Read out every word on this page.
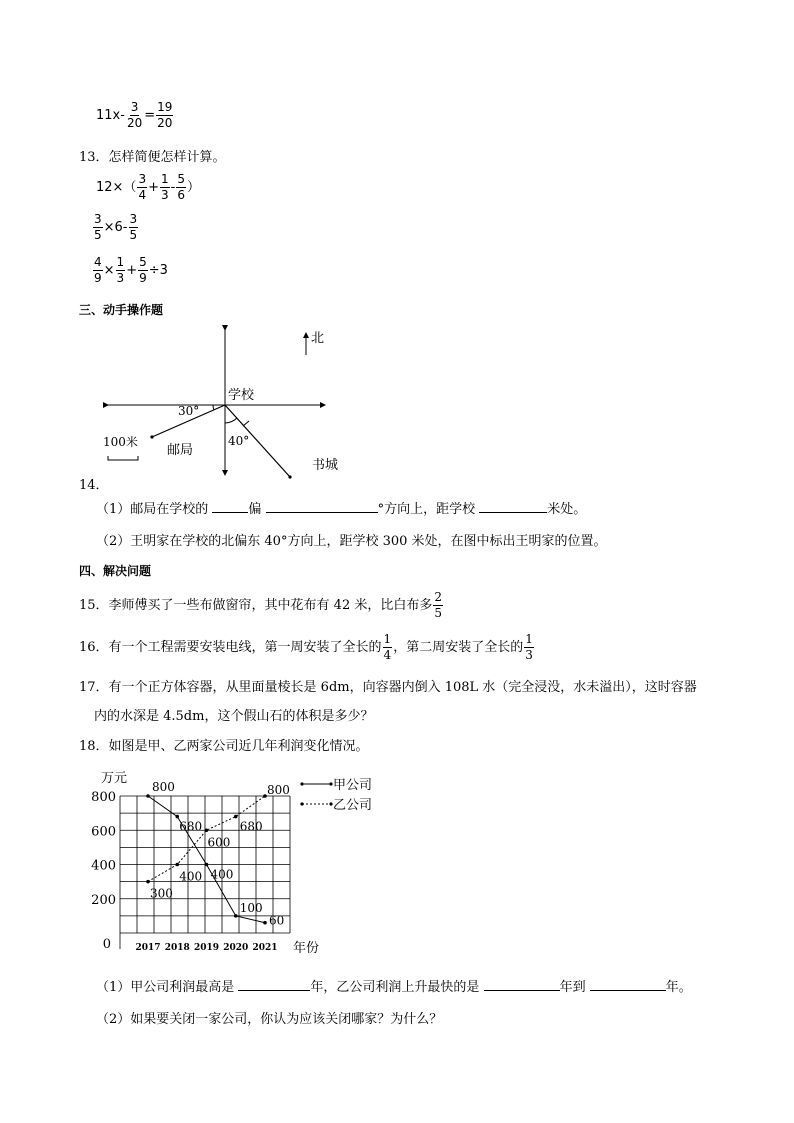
$11x- \frac{3}{20} = \frac{19}{20}$
13．怎样简便怎样计算。
$12\times( \frac{3}{4} + \frac{1}{3} - \frac{5}{6}$ ）
$\frac{3}{5} \times 6- \frac{3}{5}$
$\frac{4}{9} \times \frac{1}{3} + \frac{5}{9} \div 3$
三、动手操作题
北
学校
邮局
30°
书城
40°
100米
14．
（1）邮局在学校的	偏	°方向上，距学校	米处。
（2）王明家在学校的北偏东 40°方向上，距学校 300 米处，在图中标出王明家的位置。
四、解决问题
15．李师傅买了一些布做窗帘，其中花布有 42 米，比白布多 $\frac{2}{5}$
16．有一个工程需要安装电线，第一周安装了全长的 $\frac{1}{4}$ ，第二周安装了全长的 $\frac{1}{3}$
17．有一个正方体容器，从里面量棱长是 6dm，向容器内倒入 108L 水（完全浸没，水未溢出），这时容器
内的水深是 4.5dm，这个假山石的体积是多少？
18．如图是甲、乙两家公司近几年利润变化情况。
0
200
400
600
800
万元
2017 2018 2019 2020 2021 年份
800
680
400
100
60
300
400
600
680
800	甲公司
乙公司
（1）甲公司利润最高是	年，乙公司利润上升最快的是	年到	年。
（2）如果要关闭一家公司，你认为应该关闭哪家？为什么？
